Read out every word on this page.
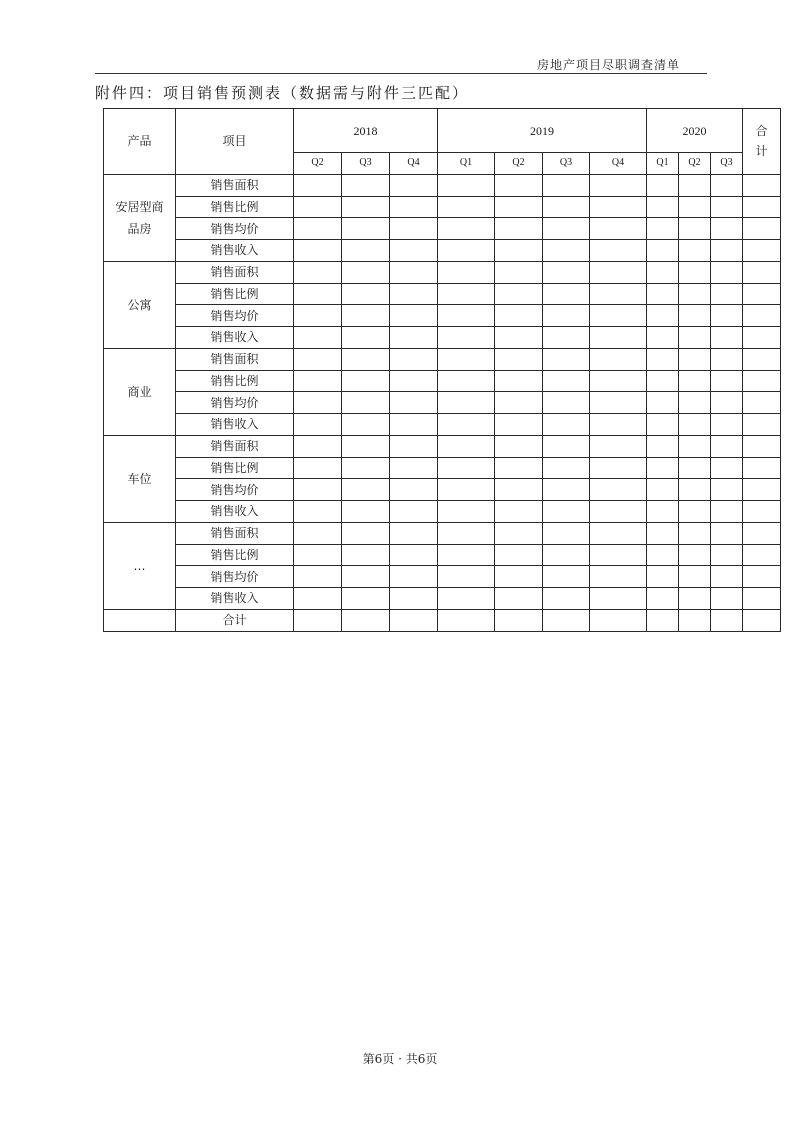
房地产项目尽职调查清单
附件四：项目销售预测表（数据需与附件三匹配）
产品	项目	2018			2019				2020			合计
		Q2	Q3	Q4	Q1	Q2	Q3	Q4	Q1	Q2	Q3	
安居型商品房	销售面积											
	销售比例											
	销售均价											
	销售收入											
公寓	销售面积											
	销售比例											
	销售均价											
	销售收入											
商业	销售面积											
	销售比例											
	销售均价											
	销售收入											
车位	销售面积											
	销售比例											
	销售均价											
	销售收入											
…	销售面积											
	销售比例											
	销售均价											
	销售收入											
	合计											
第6页 · 共6页
